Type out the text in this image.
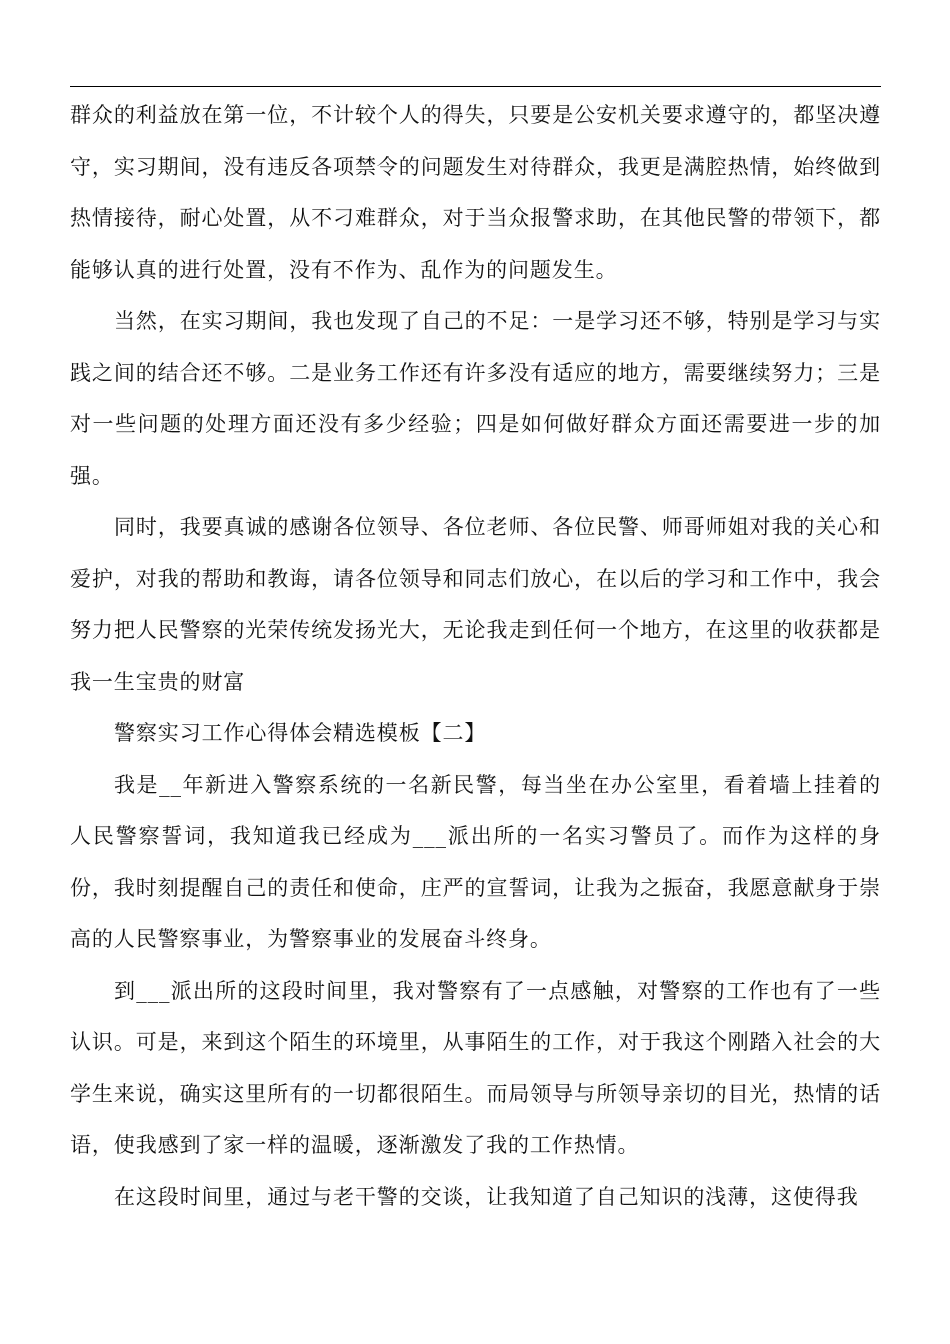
群众的利益放在第一位，不计较个人的得失，只要是公安机关要求遵守的，都坚决遵守，实习期间，没有违反各项禁令的问题发生对待群众，我更是满腔热情，始终做到热情接待，耐心处置，从不刁难群众，对于当众报警求助，在其他民警的带领下，都能够认真的进行处置，没有不作为、乱作为的问题发生。

当然，在实习期间，我也发现了自己的不足：一是学习还不够，特别是学习与实践之间的结合还不够。二是业务工作还有许多没有适应的地方，需要继续努力；三是对一些问题的处理方面还没有多少经验；四是如何做好群众方面还需要进一步的加强。

同时，我要真诚的感谢各位领导、各位老师、各位民警、师哥师姐对我的关心和爱护，对我的帮助和教诲，请各位领导和同志们放心，在以后的学习和工作中，我会努力把人民警察的光荣传统发扬光大，无论我走到任何一个地方，在这里的收获都是我一生宝贵的财富

警察实习工作心得体会精选模板【二】

我是__年新进入警察系统的一名新民警，每当坐在办公室里，看着墙上挂着的人民警察誓词，我知道我已经成为___派出所的一名实习警员了。而作为这样的身份，我时刻提醒自己的责任和使命，庄严的宣誓词，让我为之振奋，我愿意献身于崇高的人民警察事业，为警察事业的发展奋斗终身。

到___派出所的这段时间里，我对警察有了一点感触，对警察的工作也有了一些认识。可是，来到这个陌生的环境里，从事陌生的工作，对于我这个刚踏入社会的大学生来说，确实这里所有的一切都很陌生。而局领导与所领导亲切的目光，热情的话语，使我感到了家一样的温暖，逐渐激发了我的工作热情。

在这段时间里，通过与老干警的交谈，让我知道了自己知识的浅薄，这使得我
